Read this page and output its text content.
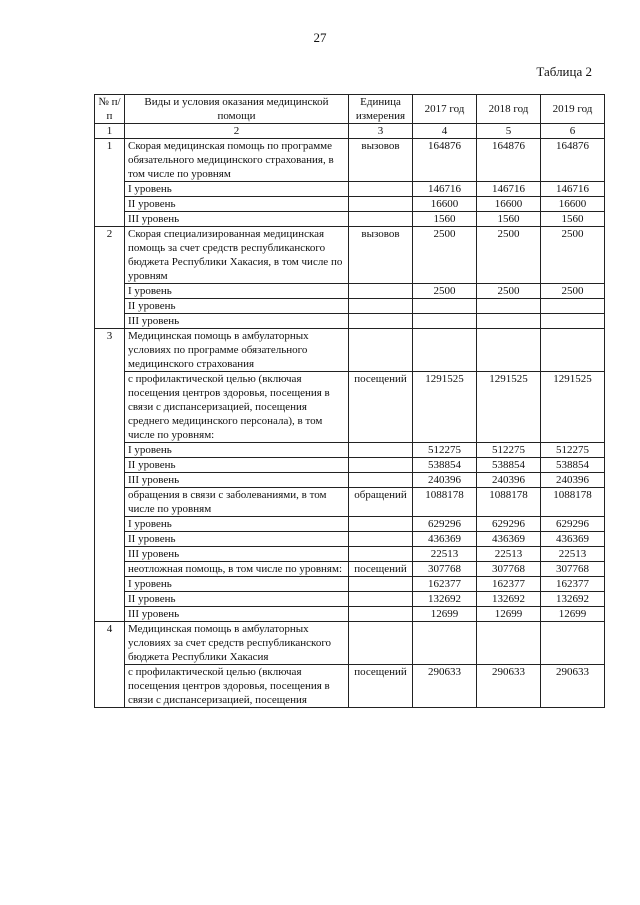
27
Таблица 2
№ п/п	Виды и условия оказания медицинской помощи	Единица измерения	2017 год	2018 год	2019 год
1	2	3	4	5	6
1	Скорая медицинская помощь по программе обязательного медицинского страхования, в том числе по уровням	вызовов	164876	164876	164876
	I уровень		146716	146716	146716
	II уровень		16600	16600	16600
	III уровень		1560	1560	1560
2	Скорая специализированная медицинская помощь за счет средств республиканского бюджета Республики Хакасия, в том числе по уровням	вызовов	2500	2500	2500
	I уровень		2500	2500	2500
	II уровень				
	III уровень				
3	Медицинская помощь в амбулаторных условиях по программе обязательного медицинского страхования				
	с профилактической целью (включая посещения центров здоровья, посещения в связи с диспансеризацией, посещения среднего медицинского персонала), в том числе по уровням:	посещений	1291525	1291525	1291525
	I уровень		512275	512275	512275
	II уровень		538854	538854	538854
	III уровень		240396	240396	240396
	обращения в связи с заболеваниями, в том числе по уровням	обращений	1088178	1088178	1088178
	I уровень		629296	629296	629296
	II уровень		436369	436369	436369
	III уровень		22513	22513	22513
	неотложная помощь, в том числе по уровням:	посещений	307768	307768	307768
	I уровень		162377	162377	162377
	II уровень		132692	132692	132692
	III уровень		12699	12699	12699
4	Медицинская помощь в амбулаторных условиях за счет средств республиканского бюджета Республики Хакасия				
	с профилактической целью (включая посещения центров здоровья, посещения в связи с диспансеризацией, посещения	посещений	290633	290633	290633
